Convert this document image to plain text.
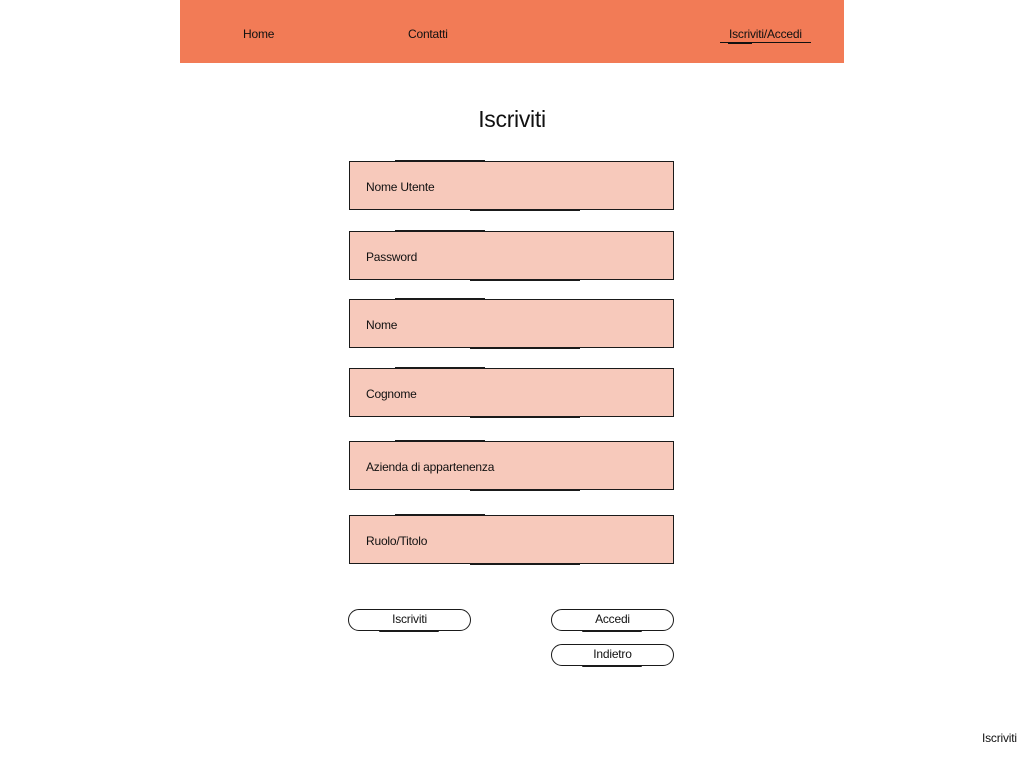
Home	Contatti	Iscriviti/Accedi
Iscriviti
Nome Utente
Password
Nome
Cognome
Azienda di appartenenza
Ruolo/Titolo
Iscriviti	Accedi
Indietro
Iscriviti
